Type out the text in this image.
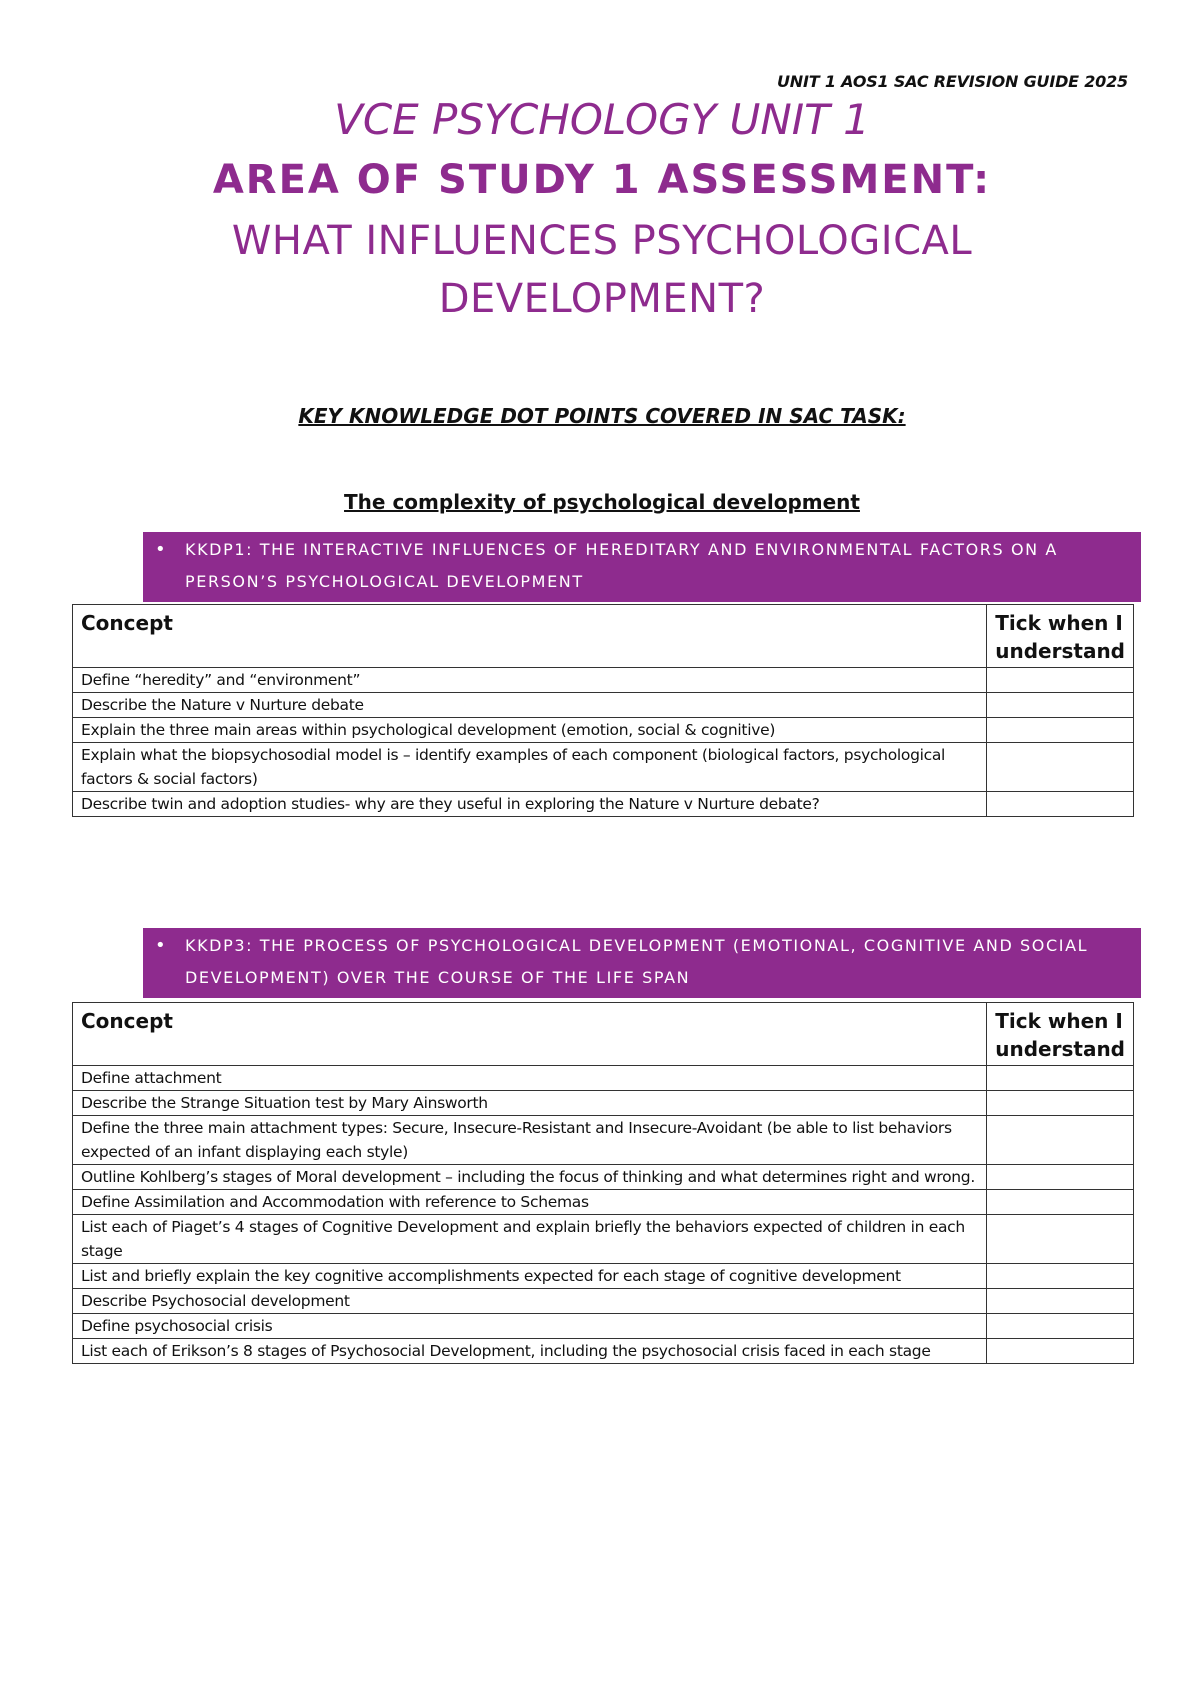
UNIT 1 AOS1 SAC REVISION GUIDE 2025
VCE PSYCHOLOGY UNIT 1
AREA OF STUDY 1 ASSESSMENT:
WHAT INFLUENCES PSYCHOLOGICAL DEVELOPMENT?
KEY KNOWLEDGE DOT POINTS COVERED IN SAC TASK:
The complexity of psychological development
• KKDP1: THE INTERACTIVE INFLUENCES OF HEREDITARY AND ENVIRONMENTAL FACTORS ON A PERSON’S PSYCHOLOGICAL DEVELOPMENT
Concept	Tick when I understand
Define “heredity” and “environment”	
Describe the Nature v Nurture debate	
Explain the three main areas within psychological development (emotion, social & cognitive)	
Explain what the biopsychosodial model is – identify examples of each component (biological factors, psychological factors & social factors)	
Describe twin and adoption studies- why are they useful in exploring the Nature v Nurture debate?	
• KKDP3: THE PROCESS OF PSYCHOLOGICAL DEVELOPMENT (EMOTIONAL, COGNITIVE AND SOCIAL DEVELOPMENT) OVER THE COURSE OF THE LIFE SPAN
Concept	Tick when I understand
Define attachment	
Describe the Strange Situation test by Mary Ainsworth	
Define the three main attachment types: Secure, Insecure-Resistant and Insecure-Avoidant (be able to list behaviors expected of an infant displaying each style)	
Outline Kohlberg’s stages of Moral development – including the focus of thinking and what determines right and wrong.	
Define Assimilation and Accommodation with reference to Schemas	
List each of Piaget’s 4 stages of Cognitive Development and explain briefly the behaviors expected of children in each stage	
List and briefly explain the key cognitive accomplishments expected for each stage of cognitive development	
Describe Psychosocial development	
Define psychosocial crisis	
List each of Erikson’s 8 stages of Psychosocial Development, including the psychosocial crisis faced in each stage	
